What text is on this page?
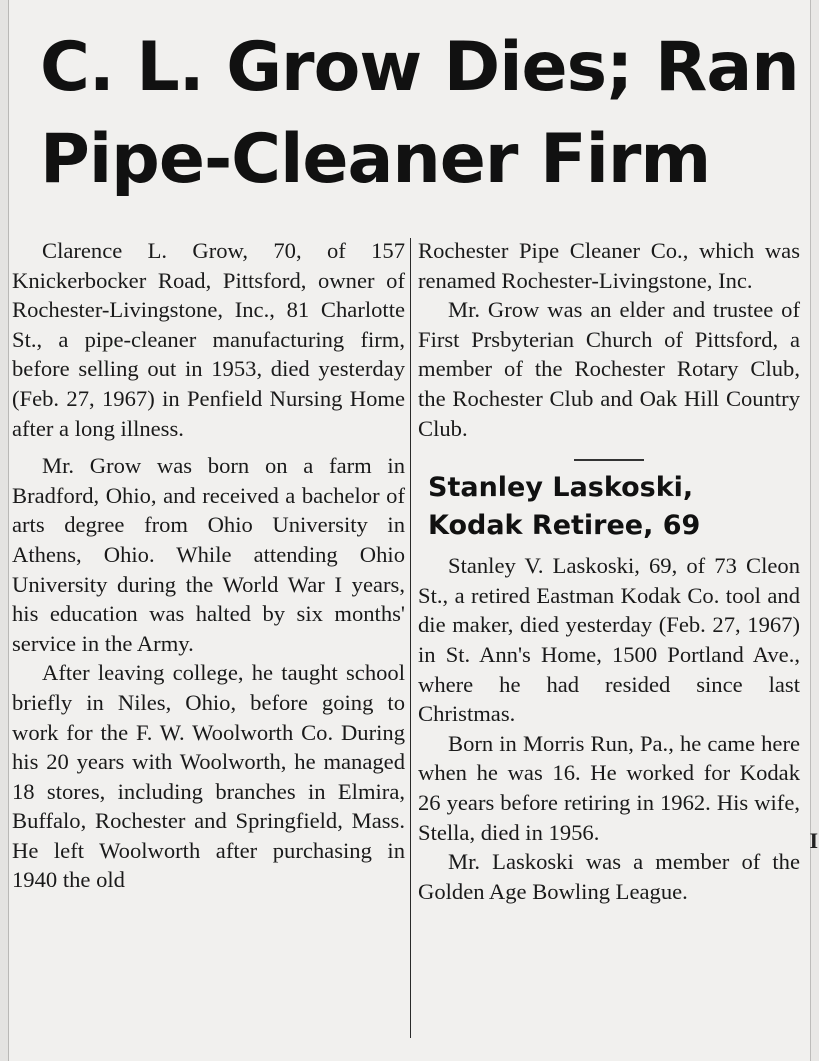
C. L. Grow Dies; Ran
Pipe-Cleaner Firm

Clarence L. Grow, 70, of 157 Knickerbocker Road, Pittsford, owner of Rochester-Livingstone, Inc., 81 Charlotte St., a pipe-cleaner manufacturing firm, before selling out in 1953, died yesterday (Feb. 27, 1967) in Penfield Nursing Home after a long illness.

Mr. Grow was born on a farm in Bradford, Ohio, and received a bachelor of arts degree from Ohio University in Athens, Ohio. While attending Ohio University during the World War I years, his education was halted by six months' service in the Army.

After leaving college, he taught school briefly in Niles, Ohio, before going to work for the F. W. Woolworth Co. During his 20 years with Woolworth, he managed 18 stores, including branches in Elmira, Buffalo, Rochester and Springfield, Mass. He left Woolworth after purchasing in 1940 the old

Rochester Pipe Cleaner Co., which was renamed Rochester-Livingstone, Inc.

Mr. Grow was an elder and trustee of First Prsbyterian Church of Pittsford, a member of the Rochester Rotary Club, the Rochester Club and Oak Hill Country Club.

Stanley Laskoski,
Kodak Retiree, 69

Stanley V. Laskoski, 69, of 73 Cleon St., a retired Eastman Kodak Co. tool and die maker, died yesterday (Feb. 27, 1967) in St. Ann's Home, 1500 Portland Ave., where he had resided since last Christmas.

Born in Morris Run, Pa., he came here when he was 16. He worked for Kodak 26 years before retiring in 1962. His wife, Stella, died in 1956.

Mr. Laskoski was a member of the Golden Age Bowling League.

I
